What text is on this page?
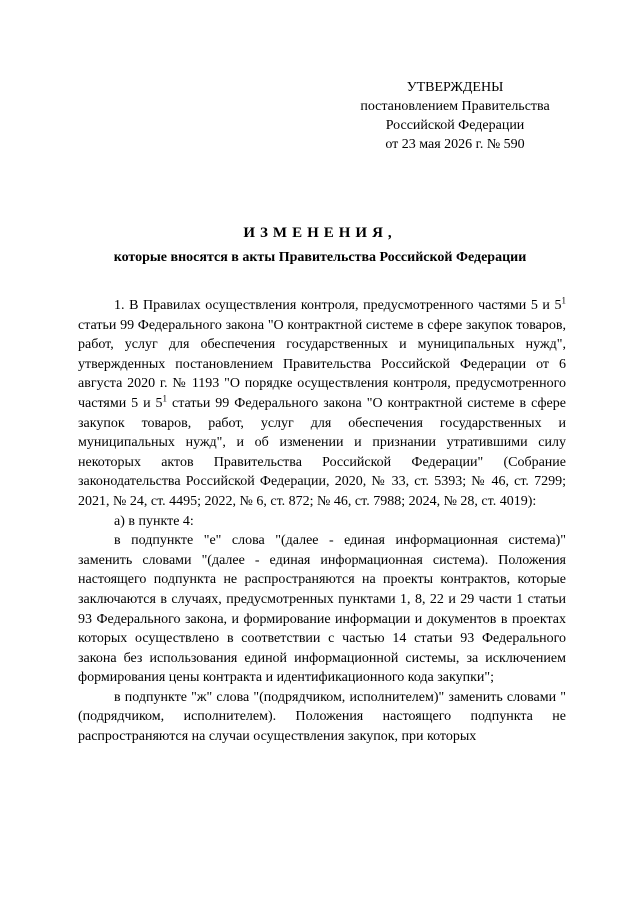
УТВЕРЖДЕНЫ
постановлением Правительства
Российской Федерации
от 23 мая 2026 г. № 590
ИЗМЕНЕНИЯ,
которые вносятся в акты Правительства Российской Федерации

1. В Правилах осуществления контроля, предусмотренного частями 5 и $5^1$ статьи 99 Федерального закона "О контрактной системе в сфере закупок товаров, работ, услуг для обеспечения государственных и муниципальных нужд", утвержденных постановлением Правительства Российской Федерации от 6 августа 2020 г. № 1193 "О порядке осуществления контроля, предусмотренного частями 5 и $5^1$ статьи 99 Федерального закона "О контрактной системе в сфере закупок товаров, работ, услуг для обеспечения государственных и муниципальных нужд", и об изменении и признании утратившими силу некоторых актов Правительства Российской Федерации" (Собрание законодательства Российской Федерации, 2020, № 33, ст. 5393; № 46, ст. 7299; 2021, № 24, ст. 4495; 2022, № 6, ст. 872; № 46, ст. 7988; 2024, № 28, ст. 4019):

а) в пункте 4:

в подпункте "е" слова "(далее - единая информационная система)" заменить словами "(далее - единая информационная система). Положения настоящего подпункта не распространяются на проекты контрактов, которые заключаются в случаях, предусмотренных пунктами 1, 8, 22 и 29 части 1 статьи 93 Федерального закона, и формирование информации и документов в проектах которых осуществлено в соответствии с частью 14 статьи 93 Федерального закона без использования единой информационной системы, за исключением формирования цены контракта и идентификационного кода закупки";

в подпункте "ж" слова "(подрядчиком, исполнителем)" заменить словами "(подрядчиком, исполнителем). Положения настоящего подпункта не распространяются на случаи осуществления закупок, при которых
